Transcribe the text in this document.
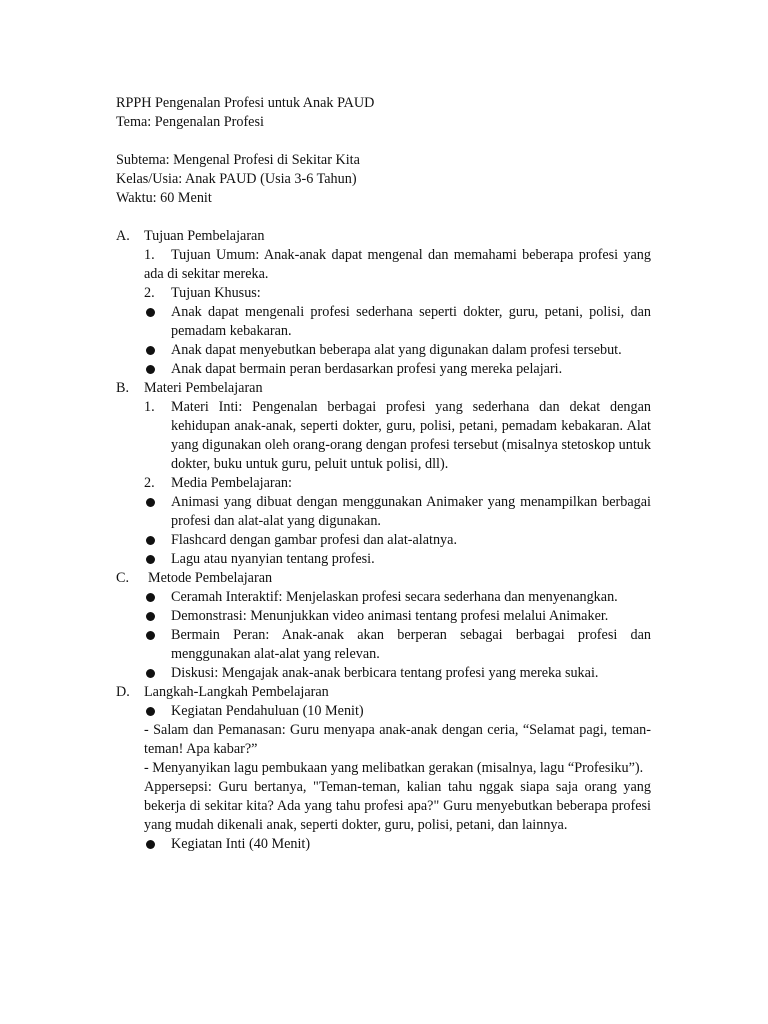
RPPH Pengenalan Profesi untuk Anak PAUD
Tema: Pengenalan Profesi
Subtema: Mengenal Profesi di Sekitar Kita
Kelas/Usia: Anak PAUD (Usia 3-6 Tahun)
Waktu: 60 Menit
A. Tujuan Pembelajaran
1. Tujuan Umum: Anak-anak dapat mengenal dan memahami beberapa profesi yang ada di sekitar mereka.
2. Tujuan Khusus:
Anak dapat mengenali profesi sederhana seperti dokter, guru, petani, polisi, dan pemadam kebakaran.
Anak dapat menyebutkan beberapa alat yang digunakan dalam profesi tersebut.
Anak dapat bermain peran berdasarkan profesi yang mereka pelajari.
B. Materi Pembelajaran
1. Materi Inti: Pengenalan berbagai profesi yang sederhana dan dekat dengan kehidupan anak-anak, seperti dokter, guru, polisi, petani, pemadam kebakaran. Alat yang digunakan oleh orang-orang dengan profesi tersebut (misalnya stetoskop untuk dokter, buku untuk guru, peluit untuk polisi, dll).
2. Media Pembelajaran:
Animasi yang dibuat dengan menggunakan Animaker yang menampilkan berbagai profesi dan alat-alat yang digunakan.
Flashcard dengan gambar profesi dan alat-alatnya.
Lagu atau nyanyian tentang profesi.
C. Metode Pembelajaran
Ceramah Interaktif: Menjelaskan profesi secara sederhana dan menyenangkan.
Demonstrasi: Menunjukkan video animasi tentang profesi melalui Animaker.
Bermain Peran: Anak-anak akan berperan sebagai berbagai profesi dan menggunakan alat-alat yang relevan.
Diskusi: Mengajak anak-anak berbicara tentang profesi yang mereka sukai.
D. Langkah-Langkah Pembelajaran
Kegiatan Pendahuluan (10 Menit)
- Salam dan Pemanasan: Guru menyapa anak-anak dengan ceria, “Selamat pagi, teman-teman! Apa kabar?”
- Menyanyikan lagu pembukaan yang melibatkan gerakan (misalnya, lagu “Profesiku”).
Appersepsi: Guru bertanya, "Teman-teman, kalian tahu nggak siapa saja orang yang bekerja di sekitar kita? Ada yang tahu profesi apa?" Guru menyebutkan beberapa profesi yang mudah dikenali anak, seperti dokter, guru, polisi, petani, dan lainnya.
Kegiatan Inti (40 Menit)
